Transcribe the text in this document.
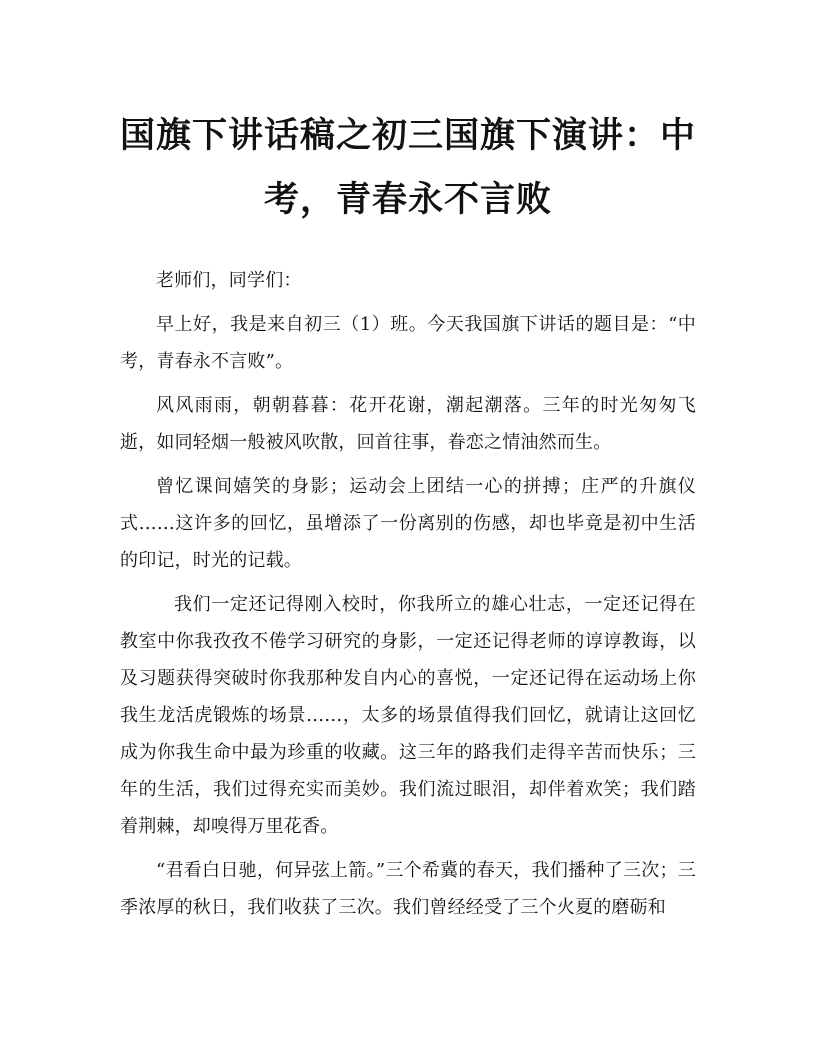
国旗下讲话稿之初三国旗下演讲：中考，青春永不言败

老师们，同学们：

早上好，我是来自初三（1）班。今天我国旗下讲话的题目是：“中考，青春永不言败”。

风风雨雨，朝朝暮暮：花开花谢，潮起潮落。三年的时光匆匆飞逝，如同轻烟一般被风吹散，回首往事，眷恋之情油然而生。

曾忆课间嬉笑的身影；运动会上团结一心的拼搏；庄严的升旗仪式……这许多的回忆，虽增添了一份离别的伤感，却也毕竟是初中生活的印记，时光的记载。

我们一定还记得刚入校时，你我所立的雄心壮志，一定还记得在教室中你我孜孜不倦学习研究的身影，一定还记得老师的谆谆教诲，以及习题获得突破时你我那种发自内心的喜悦，一定还记得在运动场上你我生龙活虎锻炼的场景……，太多的场景值得我们回忆，就请让这回忆成为你我生命中最为珍重的收藏。这三年的路我们走得辛苦而快乐；三年的生活，我们过得充实而美妙。我们流过眼泪，却伴着欢笑；我们踏着荆棘，却嗅得万里花香。

“君看白日驰，何异弦上箭。”三个希冀的春天，我们播种了三次；三季浓厚的秋日，我们收获了三次。我们曾经经受了三个火夏的磨砺和
